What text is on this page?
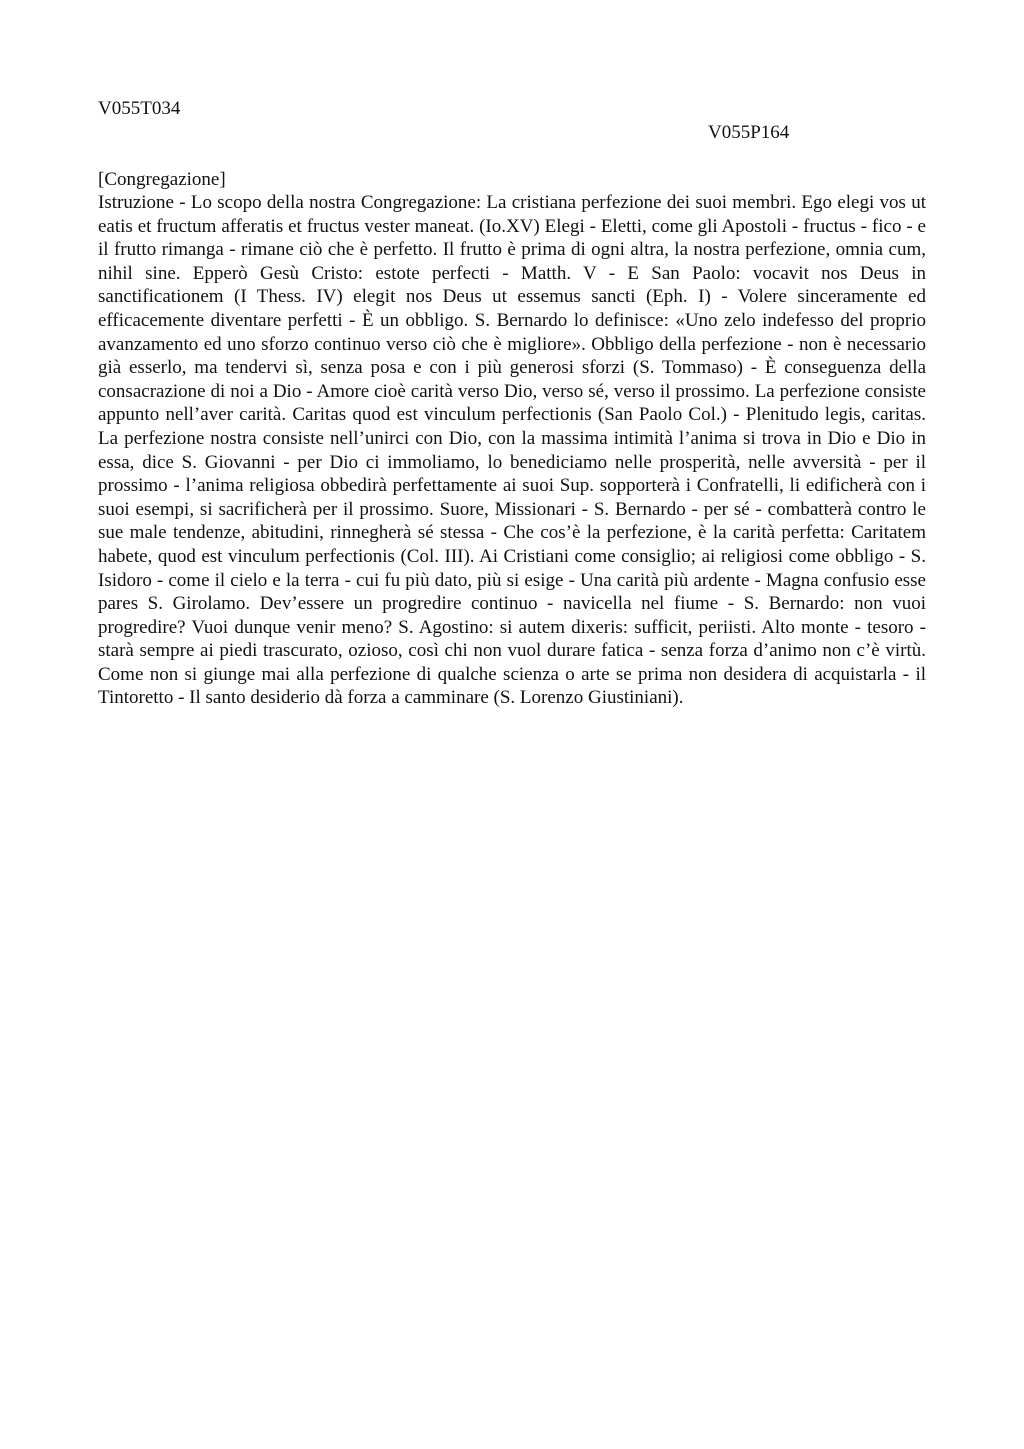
V055T034

V055P164

[Congregazione]

Istruzione - Lo scopo della nostra Congregazione: La cristiana perfezione dei suoi membri. Ego elegi vos ut eatis et fructum afferatis et fructus vester maneat. (Io.XV) Elegi - Eletti, come gli Apostoli - fructus - fico - e il frutto rimanga - rimane ciò che è perfetto. Il frutto è prima di ogni altra, la nostra perfezione, omnia cum, nihil sine. Epperò Gesù Cristo: estote perfecti - Matth. V - E San Paolo: vocavit nos Deus in sanctificationem (I Thess. IV) elegit nos Deus ut essemus sancti (Eph. I) - Volere sinceramente ed efficacemente diventare perfetti - È un obbligo. S. Bernardo lo definisce: «Uno zelo indefesso del proprio avanzamento ed uno sforzo continuo verso ciò che è migliore». Obbligo della perfezione - non è necessario già esserlo, ma tendervi sì, senza posa e con i più generosi sforzi (S. Tommaso) - È conseguenza della consacrazione di noi a Dio - Amore cioè carità verso Dio, verso sé, verso il prossimo. La perfezione consiste appunto nell’aver carità. Caritas quod est vinculum perfectionis (San Paolo Col.) - Plenitudo legis, caritas. La perfezione nostra consiste nell’unirci con Dio, con la massima intimità l’anima si trova in Dio e Dio in essa, dice S. Giovanni - per Dio ci immoliamo, lo benediciamo nelle prosperità, nelle avversità - per il prossimo - l’anima religiosa obbedirà perfettamente ai suoi Sup. sopporterà i Confratelli, li edificherà con i suoi esempi, si sacrificherà per il prossimo. Suore, Missionari - S. Bernardo - per sé - combatterà contro le sue male tendenze, abitudini, rinnegherà sé stessa - Che cos’è la perfezione, è la carità perfetta: Caritatem habete, quod est vinculum perfectionis (Col. III). Ai Cristiani come consiglio; ai religiosi come obbligo - S. Isidoro - come il cielo e la terra - cui fu più dato, più si esige - Una carità più ardente - Magna confusio esse pares S. Girolamo. Dev’essere un progredire continuo - navicella nel fiume - S. Bernardo: non vuoi progredire? Vuoi dunque venir meno? S. Agostino: si autem dixeris: sufficit, periisti. Alto monte - tesoro - starà sempre ai piedi trascurato, ozioso, così chi non vuol durare fatica - senza forza d’animo non c’è virtù. Come non si giunge mai alla perfezione di qualche scienza o arte se prima non desidera di acquistarla - il Tintoretto - Il santo desiderio dà forza a camminare (S. Lorenzo Giustiniani).
